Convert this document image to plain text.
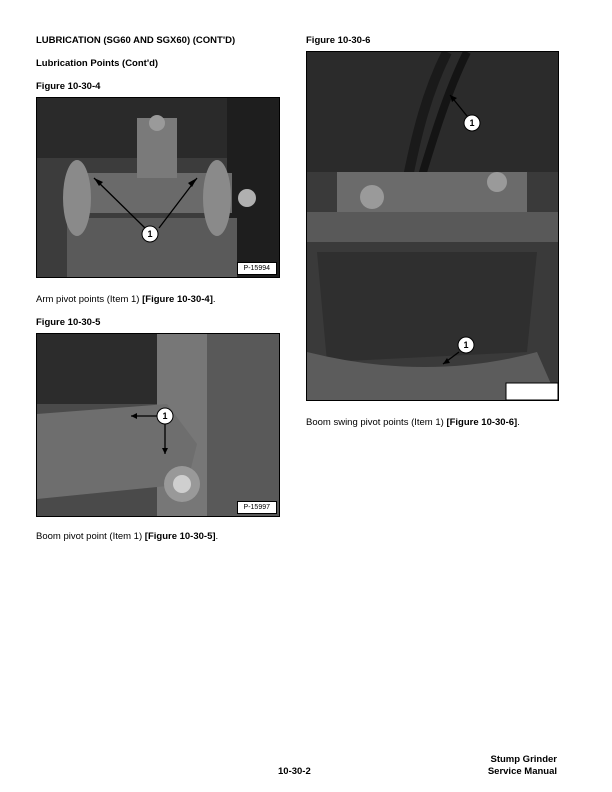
LUBRICATION (SG60 AND SGX60) (CONT'D)
Lubrication Points (Cont'd)
Figure 10-30-4
1
P-15994
Arm pivot points (Item 1) [Figure 10-30-4].
Figure 10-30-5
1
P-15997
Boom pivot point (Item 1) [Figure 10-30-5].
Figure 10-30-6
1
1
Boom swing pivot points (Item 1) [Figure 10-30-6].
10-30-2
Stump Grinder
Service Manual
